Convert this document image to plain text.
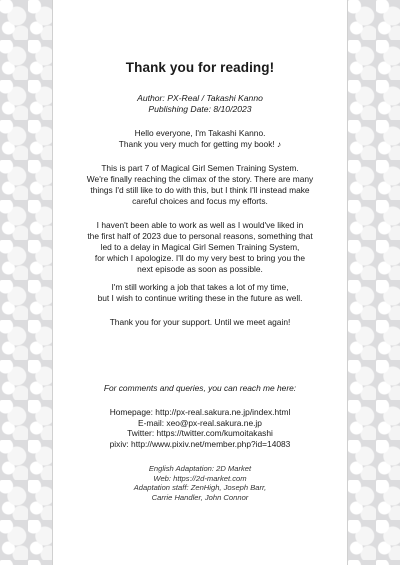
Thank you for reading!
Author: PX-Real / Takashi Kanno
Publishing Date: 8/10/2023
Hello everyone, I'm Takashi Kanno.
Thank you very much for getting my book! ♪
This is part 7 of Magical Girl Semen Training System.
We're finally reaching the climax of the story. There are many
things I'd still like to do with this, but I think I'll instead make
careful choices and focus my efforts.
I haven't been able to work as well as I would've liked in
the first half of 2023 due to personal reasons, something that
led to a delay in Magical Girl Semen Training System,
for which I apologize. I'll do my very best to bring you the
next episode as soon as possible.
I'm still working a job that takes a lot of my time,
but I wish to continue writing these in the future as well.
Thank you for your support. Until we meet again!
For comments and queries, you can reach me here:
Homepage: http://px-real.sakura.ne.jp/index.html
E-mail: xeo@px-real.sakura.ne.jp
Twitter: https://twitter.com/kumoitakashi
pixiv: http://www.pixiv.net/member.php?id=14083
English Adaptation: 2D Market
Web: https://2d-market.com
Adaptation staff: ZenHigh, Joseph Barr,
Carrie Handler, John Connor
